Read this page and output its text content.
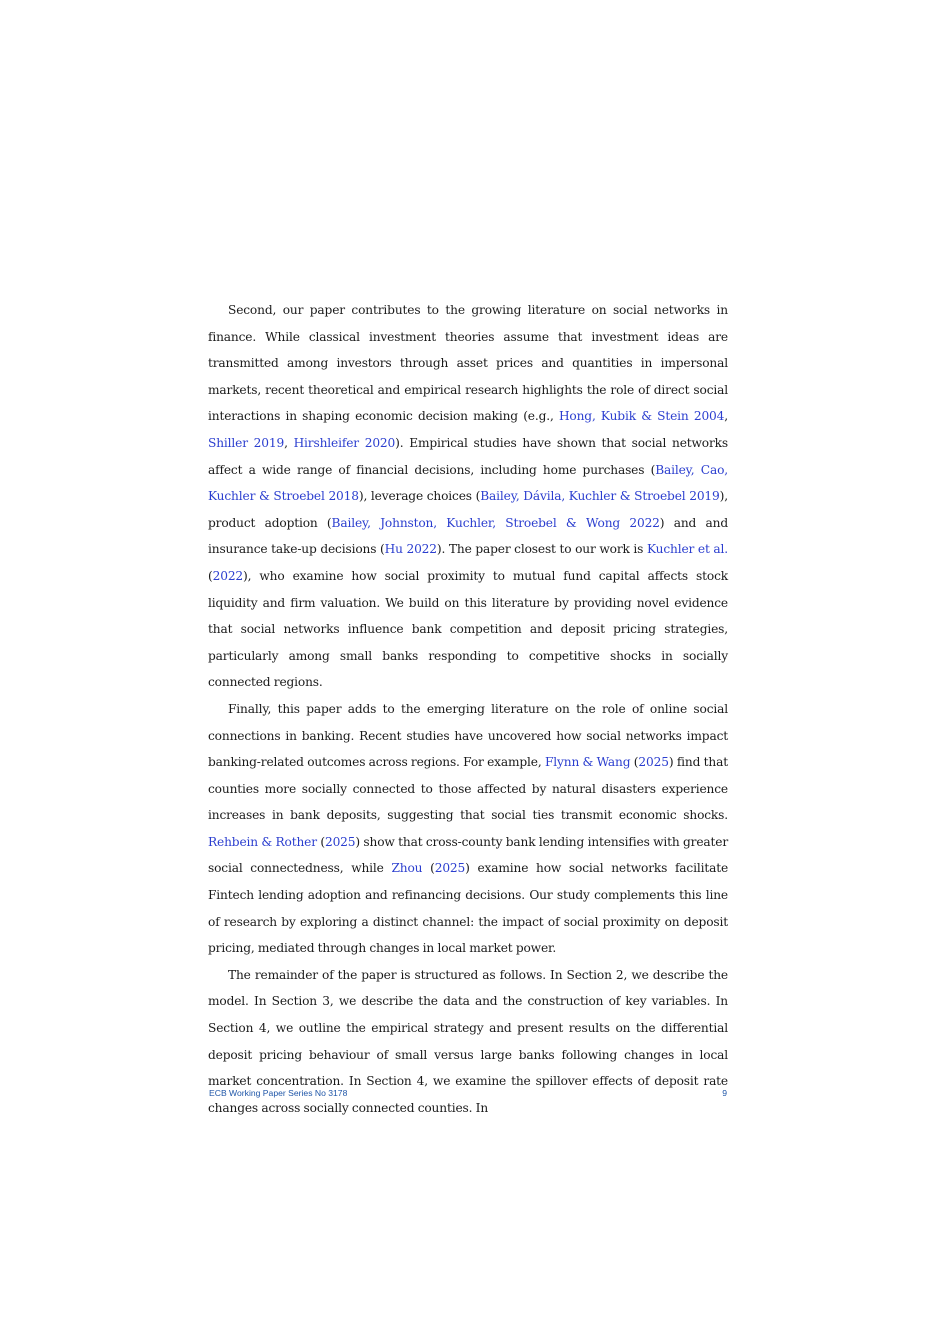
Second, our paper contributes to the growing literature on social networks in finance. While classical investment theories assume that investment ideas are transmitted among investors through asset prices and quantities in impersonal markets, recent theoretical and empirical research highlights the role of direct social interactions in shaping economic decision making (e.g., Hong, Kubik & Stein 2004, Shiller 2019, Hirshleifer 2020). Empirical studies have shown that social networks affect a wide range of financial decisions, including home purchases (Bailey, Cao, Kuchler & Stroebel 2018), leverage choices (Bailey, Dávila, Kuchler & Stroebel 2019), product adoption (Bailey, Johnston, Kuchler, Stroebel & Wong 2022) and and insurance take-up decisions (Hu 2022). The paper closest to our work is Kuchler et al. (2022), who examine how social proximity to mutual fund capital affects stock liquidity and firm valuation. We build on this literature by providing novel evidence that social networks influence bank competition and deposit pricing strategies, particularly among small banks responding to competitive shocks in socially connected regions.

Finally, this paper adds to the emerging literature on the role of online social connections in banking. Recent studies have uncovered how social networks impact banking-related outcomes across regions. For example, Flynn & Wang (2025) find that counties more socially connected to those affected by natural disasters experience increases in bank deposits, suggesting that social ties transmit economic shocks. Rehbein & Rother (2025) show that cross-county bank lending intensifies with greater social connectedness, while Zhou (2025) examine how social networks facilitate Fintech lending adoption and refinancing decisions. Our study complements this line of research by exploring a distinct channel: the impact of social proximity on deposit pricing, mediated through changes in local market power.

The remainder of the paper is structured as follows. In Section 2, we describe the model. In Section 3, we describe the data and the construction of key variables. In Section 4, we outline the empirical strategy and present results on the differential deposit pricing behaviour of small versus large banks following changes in local market concentration. In Section 4, we examine the spillover effects of deposit rate changes across socially connected counties. In

ECB Working Paper Series No 3178	9
